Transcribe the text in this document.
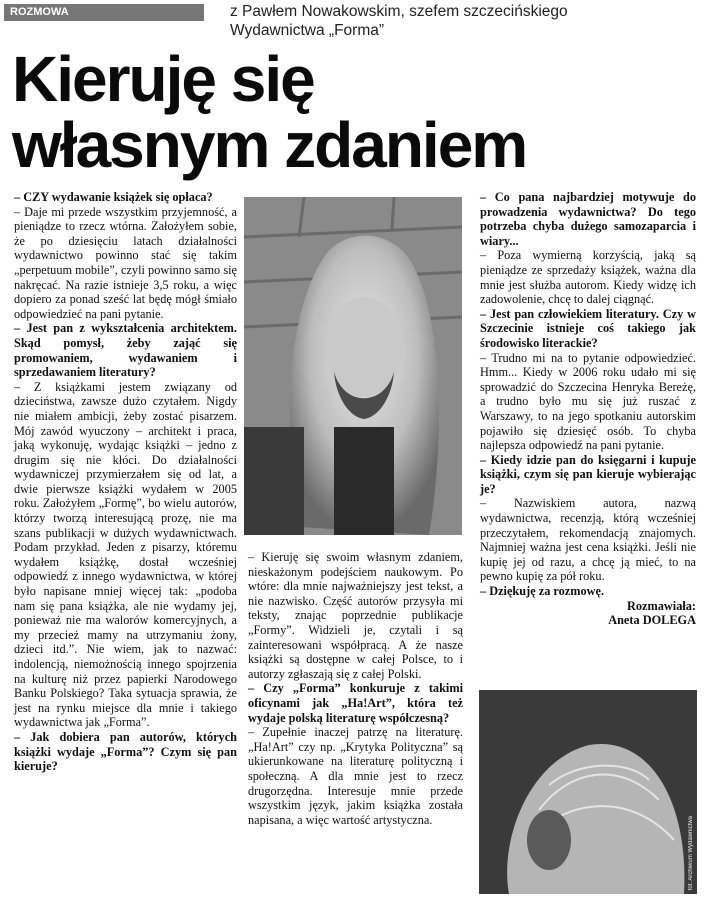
ROZMOWA	z Pawłem Nowakowskim, szefem szczecińskiego
Wydawnictwa „Forma”
Kieruję się
własnym zdaniem

– CZY wydawanie książek się opłaca?

– Daje mi przede wszystkim przyjemność, a pieniądze to rzecz wtórna. Założyłem sobie, że po dziesięciu latach działalności wydawnictwo powinno stać się takim „perpetuum mobile”, czyli powinno samo się nakręcać. Na razie istnieje 3,5 roku, a więc dopiero za ponad sześć lat będę mógł śmiało odpowiedzieć na pani pytanie.

– Jest pan z wykształcenia architektem. Skąd pomysł, żeby zająć się promowaniem, wydawaniem i sprzedawaniem literatury?

– Z książkami jestem związany od dzieciństwa, zawsze dużo czytałem. Nigdy nie miałem ambicji, żeby zostać pisarzem. Mój zawód wyuczony – architekt i praca, jaką wykonuję, wydając książki – jedno z drugim się nie kłóci. Do działalności wydawniczej przymierzałem się od lat, a dwie pierwsze książki wydałem w 2005 roku. Założyłem „Formę”, bo wielu autorów, którzy tworzą interesującą prozę, nie ma szans publikacji w dużych wydawnictwach. Podam przykład. Jeden z pisarzy, któremu wydałem książkę, dostał wcześniej odpowiedź z innego wydawnictwa, w której było napisane mniej więcej tak: „podoba nam się pana książka, ale nie wydamy jej, ponieważ nie ma walorów komercyjnych, a my przecież mamy na utrzymaniu żony, dzieci itd.”. Nie wiem, jak to nazwać: indolencją, niemożnością innego spojrzenia na kulturę niż przez papierki Narodowego Banku Polskiego? Taka sytuacja sprawia, że jest na rynku miejsce dla mnie i takiego wydawnictwa jak „Forma”.

– Jak dobiera pan autorów, których książki wydaje „Forma”? Czym się pan kieruje?

– Kieruję się swoim własnym zdaniem, nieskażonym podejściem naukowym. Po wtóre: dla mnie najważniejszy jest tekst, a nie nazwisko. Część autorów przysyła mi teksty, znając poprzednie publikacje „Formy”. Widzieli je, czytali i są zainteresowani współpracą. A że nasze książki są dostępne w całej Polsce, to i autorzy zgłaszają się z całej Polski.

– Czy „Forma” konkuruje z takimi oficynami jak „Ha!Art”, która też wydaje polską literaturę współczesną?

– Zupełnie inaczej patrzę na literaturę. „Ha!Art” czy np. „Krytyka Polityczna” są ukierunkowane na literaturę polityczną i społeczną. A dla mnie jest to rzecz drugorzędna. Interesuje mnie przede wszystkim język, jakim książka została napisana, a więc wartość artystyczna.

– Co pana najbardziej motywuje do prowadzenia wydawnictwa? Do tego potrzeba chyba dużego samozaparcia i wiary...

– Poza wymierną korzyścią, jaką są pieniądze ze sprzedaży książek, ważna dla mnie jest służba autorom. Kiedy widzę ich zadowolenie, chcę to dalej ciągnąć.

– Jest pan człowiekiem literatury. Czy w Szczecinie istnieje coś takiego jak środowisko literackie?

– Trudno mi na to pytanie odpowiedzieć. Hmm... Kiedy w 2006 roku udało mi się sprowadzić do Szczecina Henryka Bereżę, a trudno było mu się już ruszać z Warszawy, to na jego spotkaniu autorskim pojawiło się dziesięć osób. To chyba najlepsza odpowiedź na pani pytanie.

– Kiedy idzie pan do księgarni i kupuje książki, czym się pan kieruje wybierając je?

– Nazwiskiem autora, nazwą wydawnictwa, recenzją, którą wcześniej przeczytałem, rekomendacją znajomych. Najmniej ważna jest cena książki. Jeśli nie kupię jej od razu, a chcę ją mieć, to na pewno kupię za pół roku.

– Dziękuję za rozmowę.

Rozmawiała:
Aneta DOLEGA
fot. Archiwum Wydawnictwa
